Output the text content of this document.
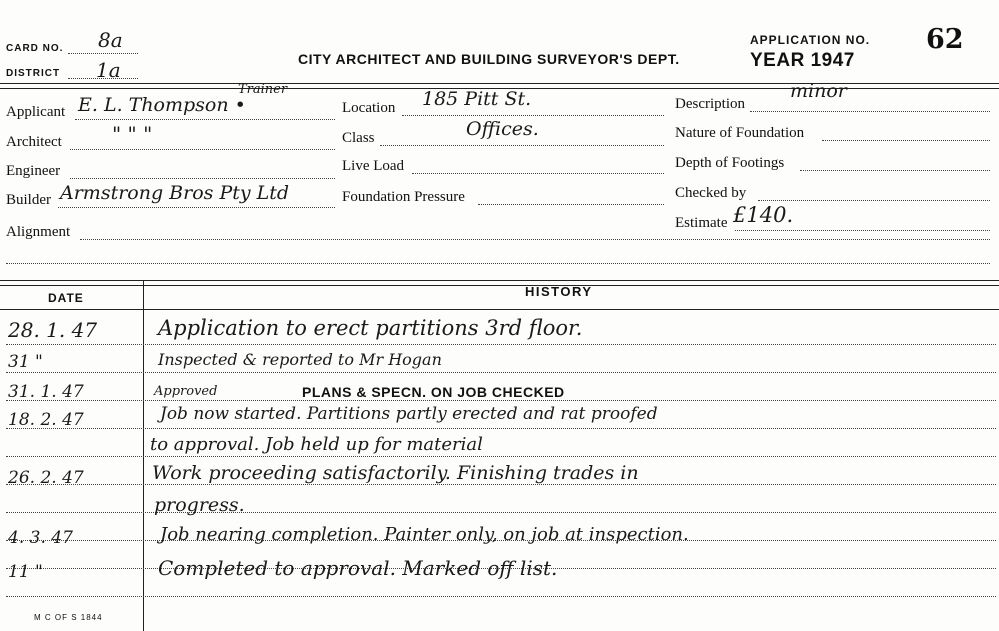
CARD NO. 8a
DISTRICT 1a	CITY ARCHITECT AND BUILDING SURVEYOR'S DEPT.
APPLICATION NO. 62
YEAR 1947
Applicant E. L. Thompson •
Trainer
Architect	" " "
Engineer
Builder Armstrong Bros Pty Ltd
Alignment
Location 185 Pitt St.
Class	Offices.
Live Load
Foundation Pressure
Description
minor
Nature of Foundation
Depth of Footings
Checked by
Estimate £140.
DATE	HISTORY
28. 1. 47	Application to erect partitions 3rd floor.
31 "	Inspected & reported to Mr Hogan
31. 1. 47	Approved	PLANS & SPECN. ON JOB CHECKED
18. 2. 47	Job now started. Partitions partly erected and rat proofed
to approval. Job held up for material
26. 2. 47	Work proceeding satisfactorily. Finishing trades in
progress.
4. 3. 47	Job nearing completion. Painter only, on job at inspection.
11 "	Completed to approval. Marked off list.
M C OF S 1844
